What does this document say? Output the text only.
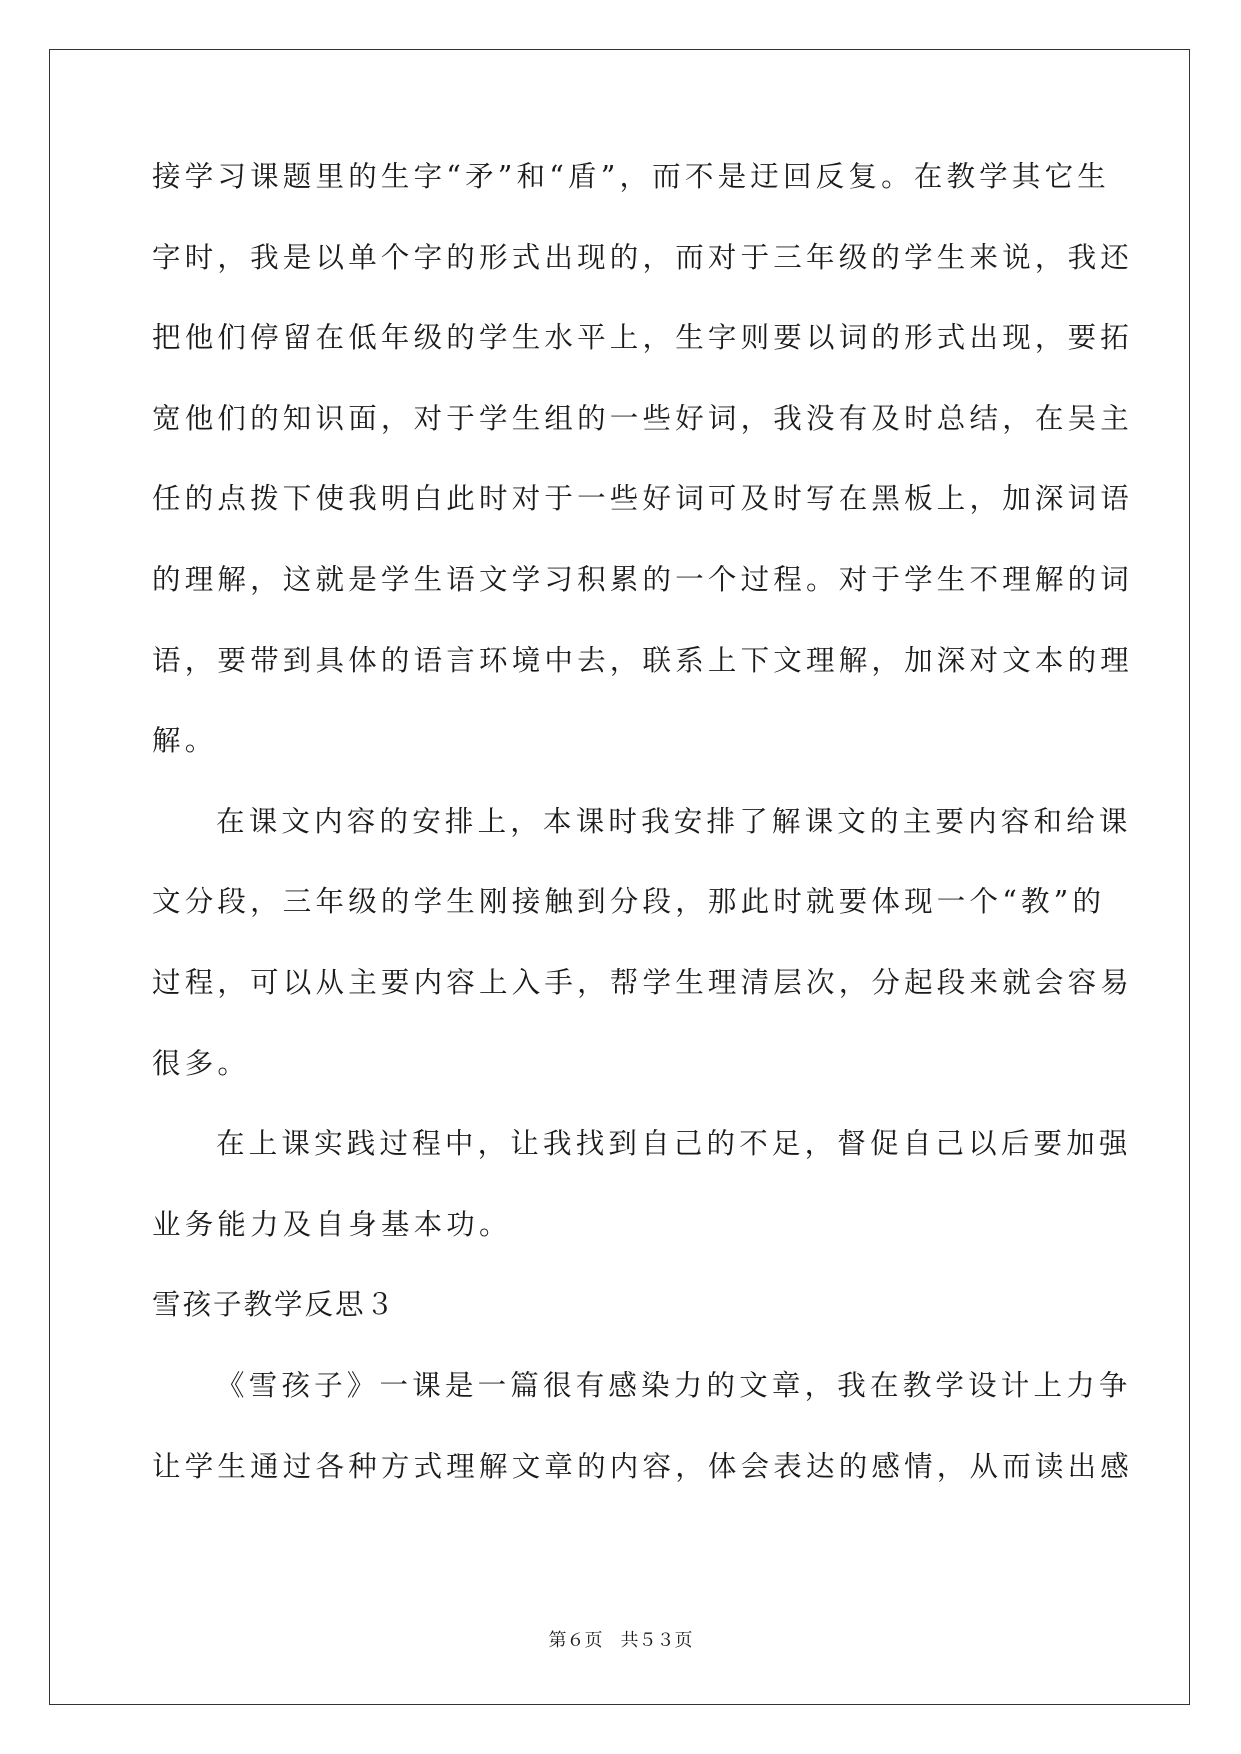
接学习课题里的生字“矛”和“盾”，而不是迂回反复。在教学其它生
字时，我是以单个字的形式出现的，而对于三年级的学生来说，我还
把他们停留在低年级的学生水平上，生字则要以词的形式出现，要拓
宽他们的知识面，对于学生组的一些好词，我没有及时总结，在吴主
任的点拨下使我明白此时对于一些好词可及时写在黑板上，加深词语
的理解，这就是学生语文学习积累的一个过程。对于学生不理解的词
语，要带到具体的语言环境中去，联系上下文理解，加深对文本的理
解。
在课文内容的安排上，本课时我安排了解课文的主要内容和给课
文分段，三年级的学生刚接触到分段，那此时就要体现一个“教”的
过程，可以从主要内容上入手，帮学生理清层次，分起段来就会容易
很多。
在上课实践过程中，让我找到自己的不足，督促自己以后要加强
业务能力及自身基本功。
雪孩子教学反思３
《雪孩子》一课是一篇很有感染力的文章，我在教学设计上力争
让学生通过各种方式理解文章的内容，体会表达的感情，从而读出感
第６页 共５３页
